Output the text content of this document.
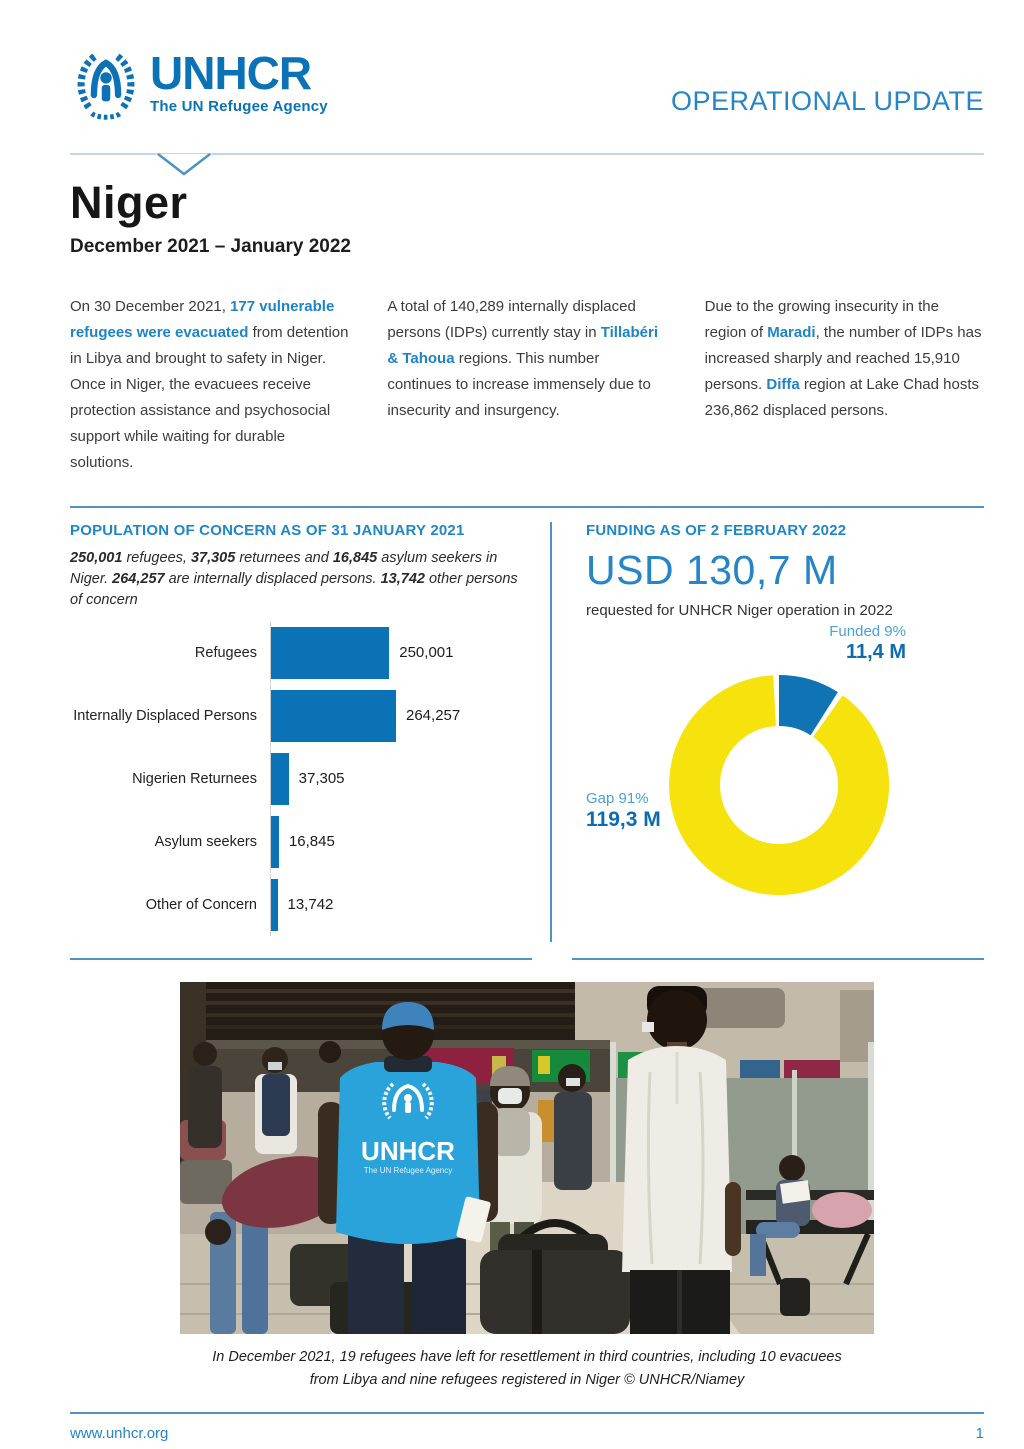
UNHCR
The UN Refugee Agency	OPERATIONAL UPDATE
Niger
December 2021 – January 2022

On 30 December 2021, 177 vulnerable refugees were evacuated from detention in Libya and brought to safety in Niger. Once in Niger, the evacuees receive protection assistance and psychosocial support while waiting for durable solutions.

A total of 140,289 internally displaced persons (IDPs) currently stay in Tillabéri & Tahoua regions. This number continues to increase immensely due to insecurity and insurgency.

Due to the growing insecurity in the region of Maradi, the number of IDPs has increased sharply and reached 15,910 persons. Diffa region at Lake Chad hosts 236,862 displaced persons.

POPULATION OF CONCERN AS OF 31 JANUARY 2021
250,001 refugees, 37,305 returnees and 16,845 asylum seekers in Niger. 264,257 are internally displaced persons. 13,742 other persons of concern
Refugees	250,001
Internally Displaced Persons	264,257
Nigerien Returnees	37,305
Asylum seekers	16,845
Other of Concern	13,742
FUNDING AS OF 2 FEBRUARY 2022
USD 130,7 M
requested for UNHCR Niger operation in 2022
Funded 9%
11,4 M
Gap 91%
119,3 M
UNHCR
The UN Refugee Agency
In December 2021, 19 refugees have left for resettlement in third countries, including 10 evacuees
from Libya and nine refugees registered in Niger © UNHCR/Niamey
www.unhcr.org	1
